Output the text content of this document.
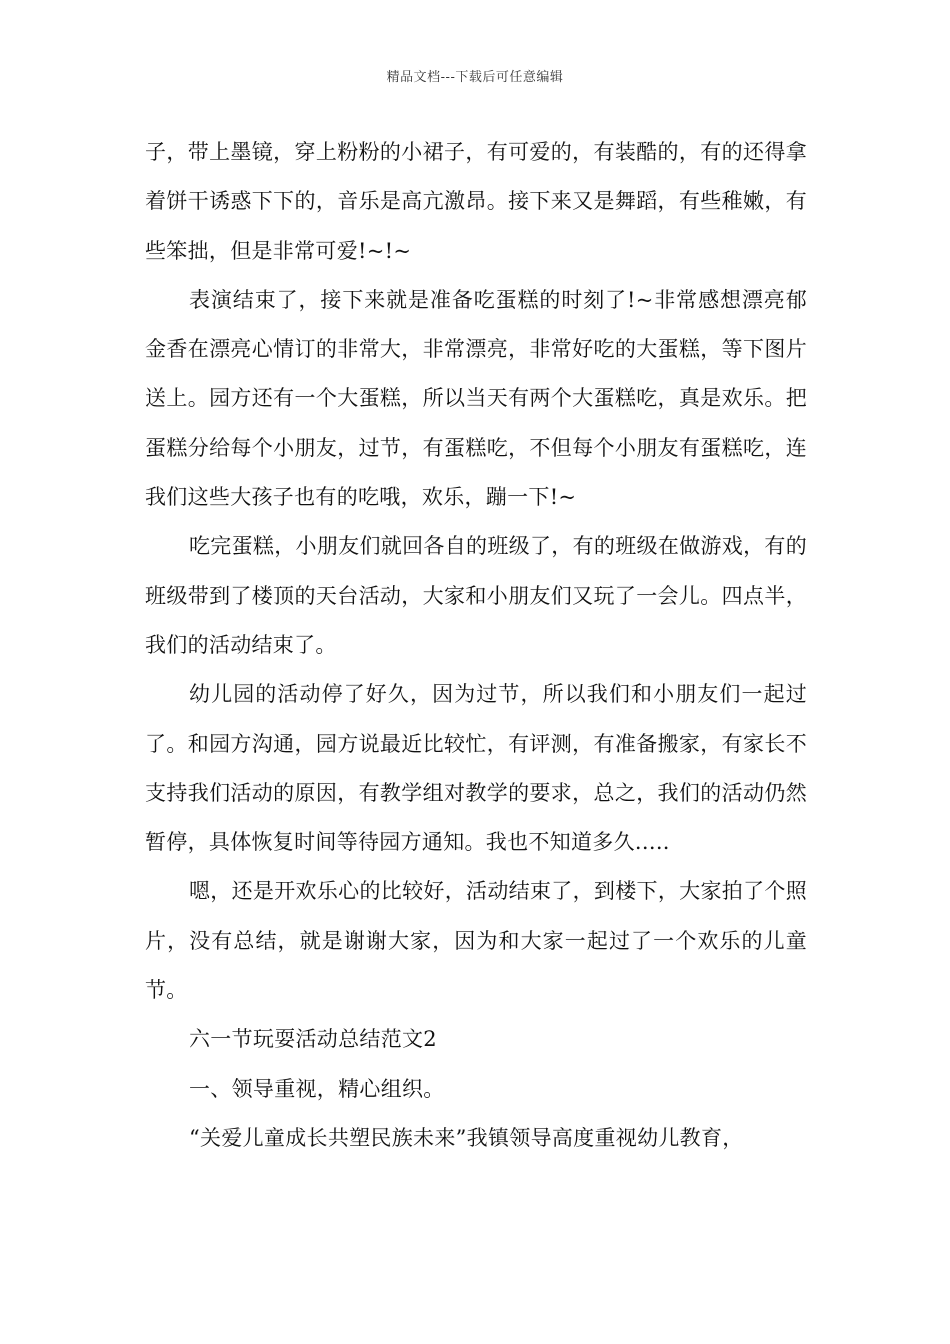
精品文档---下载后可任意编辑

子，带上墨镜，穿上粉粉的小裙子，有可爱的，有装酷的，有的还得拿着饼干诱惑下下的，音乐是高亢激昂。接下来又是舞蹈，有些稚嫩，有些笨拙，但是非常可爱!~!~

表演结束了，接下来就是准备吃蛋糕的时刻了!~非常感想漂亮郁金香在漂亮心情订的非常大，非常漂亮，非常好吃的大蛋糕，等下图片送上。园方还有一个大蛋糕，所以当天有两个大蛋糕吃，真是欢乐。把蛋糕分给每个小朋友，过节，有蛋糕吃，不但每个小朋友有蛋糕吃，连我们这些大孩子也有的吃哦，欢乐，蹦一下!~

吃完蛋糕，小朋友们就回各自的班级了，有的班级在做游戏，有的班级带到了楼顶的天台活动，大家和小朋友们又玩了一会儿。四点半，我们的活动结束了。

幼儿园的活动停了好久，因为过节，所以我们和小朋友们一起过了。和园方沟通，园方说最近比较忙，有评测，有准备搬家，有家长不支持我们活动的原因，有教学组对教学的要求，总之，我们的活动仍然暂停，具体恢复时间等待园方通知。我也不知道多久.....

嗯，还是开欢乐心的比较好，活动结束了，到楼下，大家拍了个照片，没有总结，就是谢谢大家，因为和大家一起过了一个欢乐的儿童节。

六一节玩耍活动总结范文2

一、领导重视，精心组织。

“关爱儿童成长共塑民族未来”我镇领导高度重视幼儿教育，
